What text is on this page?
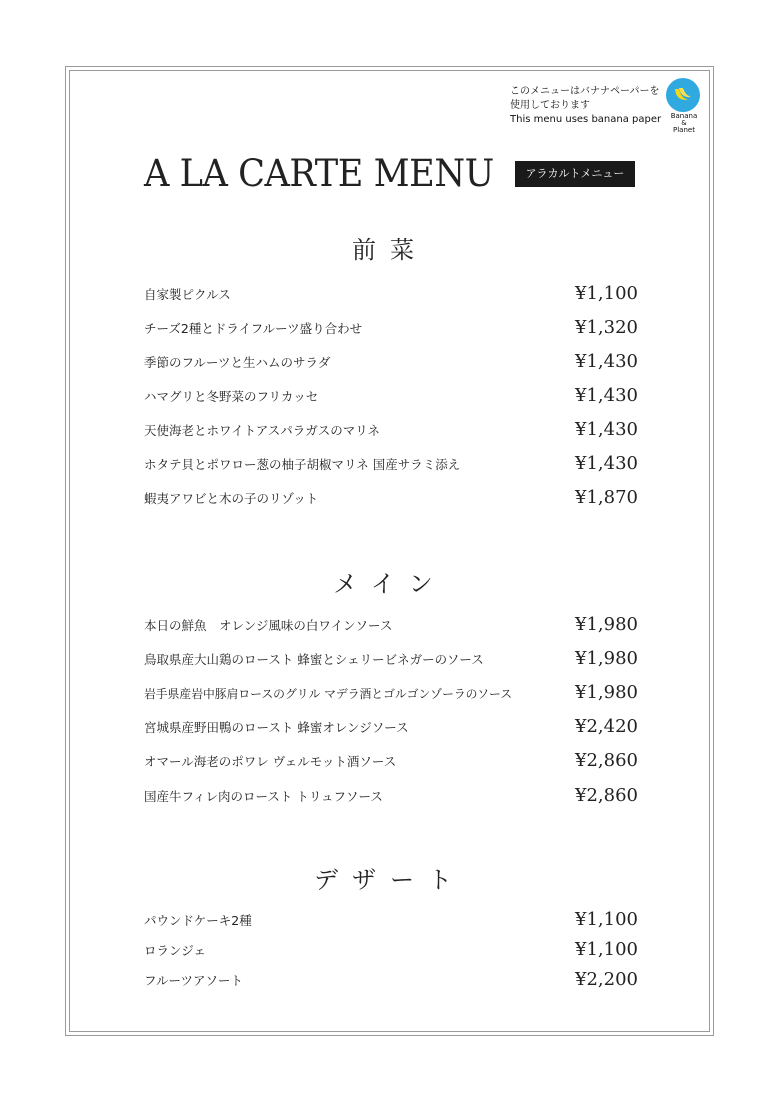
このメニューはバナナペーパーを
使用しております
This menu uses banana paper	Banana
&
Planet
A LA CARTE MENU	アラカルトメニュー
前菜
自家製ピクルス	¥1,100
チーズ2種とドライフルーツ盛り合わせ	¥1,320
季節のフルーツと生ハムのサラダ	¥1,430
ハマグリと冬野菜のフリカッセ	¥1,430
天使海老とホワイトアスパラガスのマリネ	¥1,430
ホタテ貝とポワロー葱の柚子胡椒マリネ 国産サラミ添え	¥1,430
蝦夷アワビと木の子のリゾット	¥1,870
メイン
本日の鮮魚　オレンジ風味の白ワインソース	¥1,980
鳥取県産大山鶏のロースト 蜂蜜とシェリービネガーのソース	¥1,980
岩手県産岩中豚肩ロースのグリル マデラ酒とゴルゴンゾーラのソース	¥1,980
宮城県産野田鴨のロースト 蜂蜜オレンジソース	¥2,420
オマール海老のポワレ ヴェルモット酒ソース	¥2,860
国産牛フィレ肉のロースト トリュフソース	¥2,860
デザート
パウンドケーキ2種	¥1,100
ロランジェ	¥1,100
フルーツアソート	¥2,200
